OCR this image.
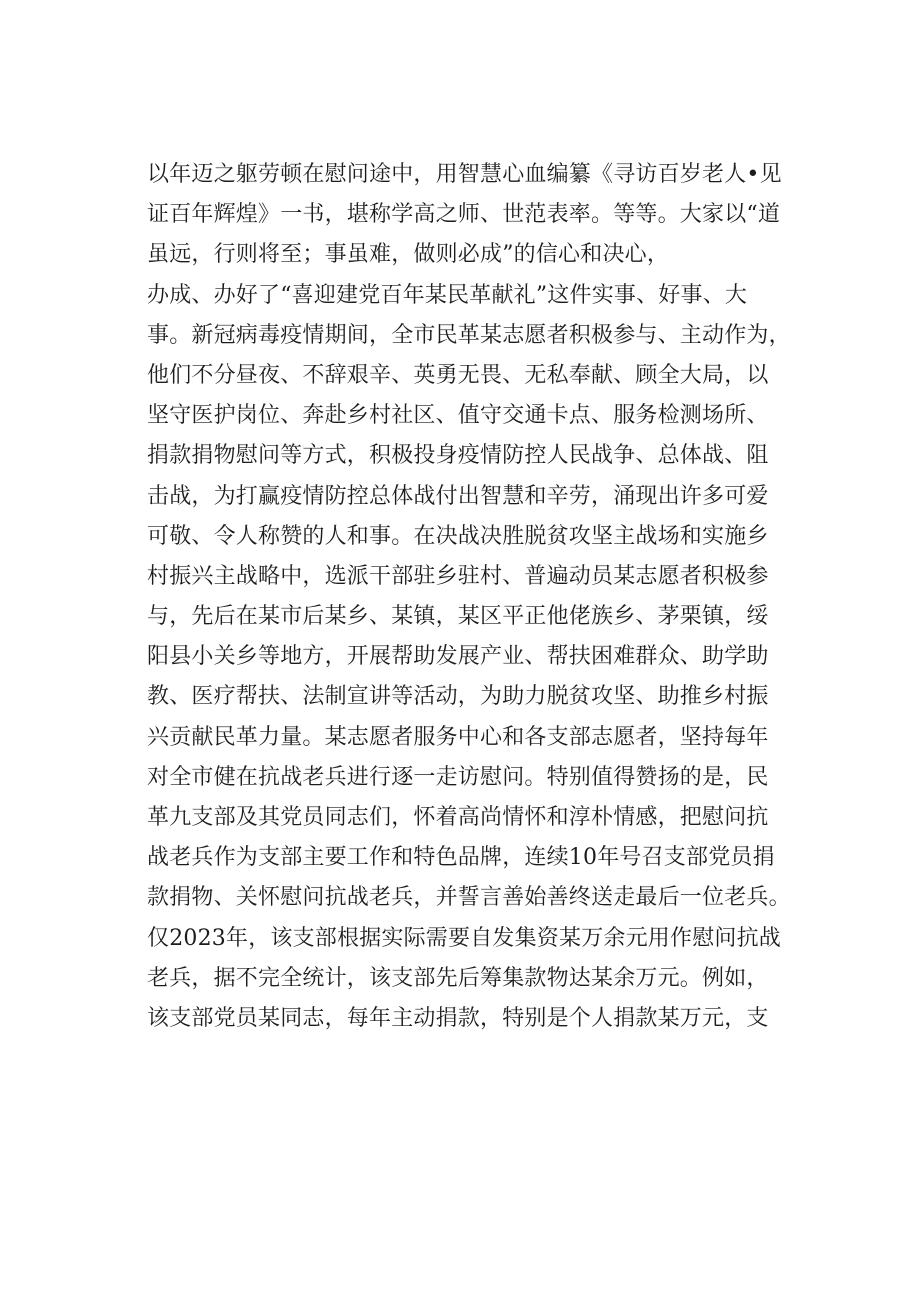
以年迈之躯劳顿在慰问途中，用智慧心血编纂《寻访百岁老人•见
证百年辉煌》一书，堪称学高之师、世范表率。等等。大家以“道
虽远，行则将至；事虽难，做则必成”的信心和决心，
办成、办好了“喜迎建党百年某民革献礼”这件实事、好事、大
事。新冠病毒疫情期间，全市民革某志愿者积极参与、主动作为，
他们不分昼夜、不辞艰辛、英勇无畏、无私奉献、顾全大局，以
坚守医护岗位、奔赴乡村社区、值守交通卡点、服务检测场所、
捐款捐物慰问等方式，积极投身疫情防控人民战争、总体战、阻
击战，为打赢疫情防控总体战付出智慧和辛劳，涌现出许多可爱
可敬、令人称赞的人和事。在决战决胜脱贫攻坚主战场和实施乡
村振兴主战略中，选派干部驻乡驻村、普遍动员某志愿者积极参
与，先后在某市后某乡、某镇，某区平正他佬族乡、茅栗镇，绥
阳县小关乡等地方，开展帮助发展产业、帮扶困难群众、助学助
教、医疗帮扶、法制宣讲等活动，为助力脱贫攻坚、助推乡村振
兴贡献民革力量。某志愿者服务中心和各支部志愿者，坚持每年
对全市健在抗战老兵进行逐一走访慰问。特别值得赞扬的是，民
革九支部及其党员同志们，怀着高尚情怀和淳朴情感，把慰问抗
战老兵作为支部主要工作和特色品牌，连续10年号召支部党员捐
款捐物、关怀慰问抗战老兵，并誓言善始善终送走最后一位老兵。
仅2023年，该支部根据实际需要自发集资某万余元用作慰问抗战
老兵，据不完全统计，该支部先后筹集款物达某余万元。例如，
该支部党员某同志，每年主动捐款，特别是个人捐款某万元，支
